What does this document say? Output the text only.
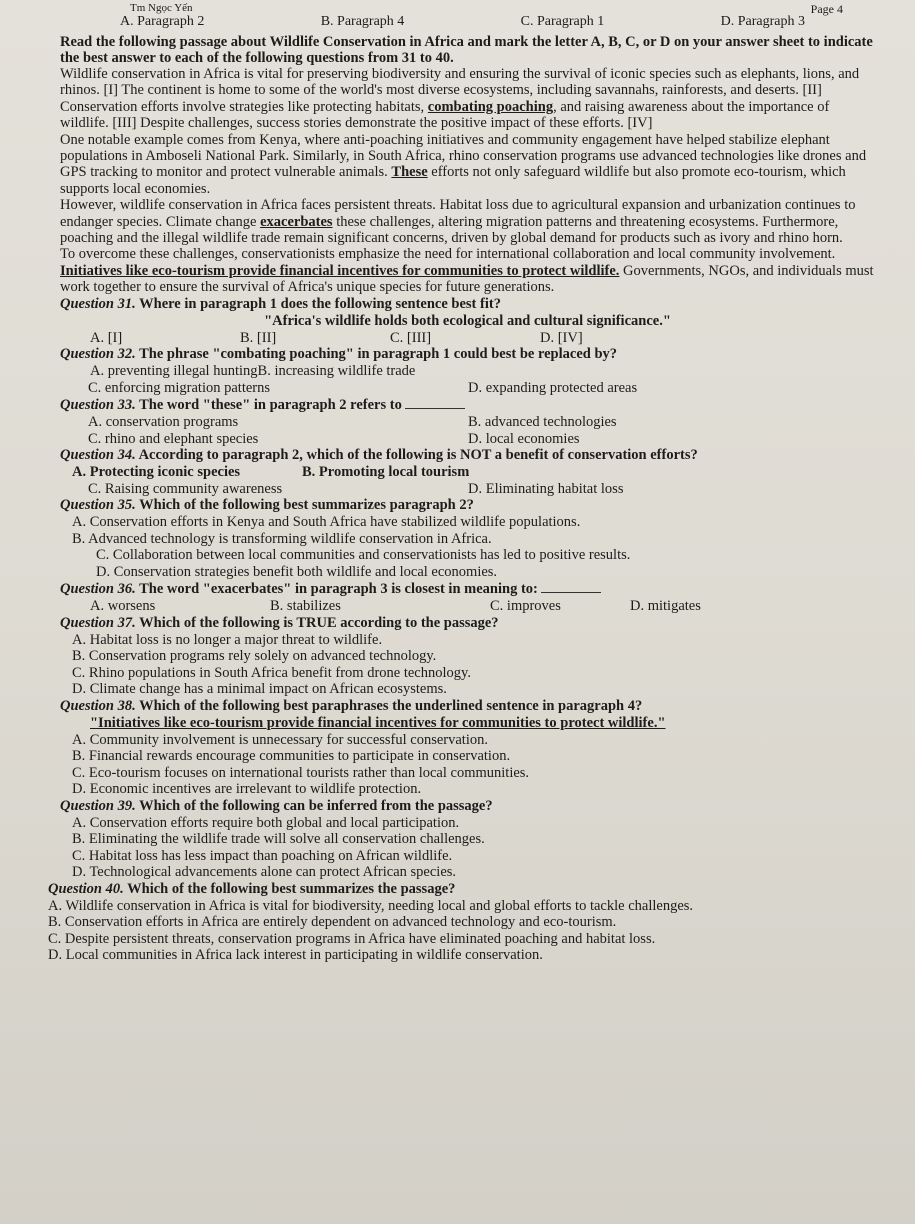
Tm Ngọc Yến	Page 4
A. Paragraph 2	B. Paragraph 4	C. Paragraph 1	D. Paragraph 3

Read the following passage about Wildlife Conservation in Africa and mark the letter A, B, C, or D on your answer sheet to indicate the best answer to each of the following questions from 31 to 40.

Wildlife conservation in Africa is vital for preserving biodiversity and ensuring the survival of iconic species such as elephants, lions, and rhinos. [I] The continent is home to some of the world's most diverse ecosystems, including savannahs, rainforests, and deserts. [II] Conservation efforts involve strategies like protecting habitats, combating poaching, and raising awareness about the importance of wildlife. [III] Despite challenges, success stories demonstrate the positive impact of these efforts. [IV]

One notable example comes from Kenya, where anti-poaching initiatives and community engagement have helped stabilize elephant populations in Amboseli National Park. Similarly, in South Africa, rhino conservation programs use advanced technologies like drones and GPS tracking to monitor and protect vulnerable animals. These efforts not only safeguard wildlife but also promote eco-tourism, which supports local economies.

However, wildlife conservation in Africa faces persistent threats. Habitat loss due to agricultural expansion and urbanization continues to endanger species. Climate change exacerbates these challenges, altering migration patterns and threatening ecosystems. Furthermore, poaching and the illegal wildlife trade remain significant concerns, driven by global demand for products such as ivory and rhino horn.

To overcome these challenges, conservationists emphasize the need for international collaboration and local community involvement. Initiatives like eco-tourism provide financial incentives for communities to protect wildlife. Governments, NGOs, and individuals must work together to ensure the survival of Africa's unique species for future generations.

Question 31. Where in paragraph 1 does the following sentence best fit?

"Africa's wildlife holds both ecological and cultural significance."

A. [I]	B. [II]	C. [III]	D. [IV]

Question 32. The phrase "combating poaching" in paragraph 1 could best be replaced by?

A. preventing illegal huntingB. increasing wildlife trade
C. enforcing migration patterns	D. expanding protected areas

Question 33. The word "these" in paragraph 2 refers to

A. conservation programs	B. advanced technologies
C. rhino and elephant species	D. local economies

Question 34. According to paragraph 2, which of the following is NOT a benefit of conservation efforts?

A. Protecting iconic species	B. Promoting local tourism
C. Raising community awareness	D. Eliminating habitat loss

Question 35. Which of the following best summarizes paragraph 2?

A. Conservation efforts in Kenya and South Africa have stabilized wildlife populations.
B. Advanced technology is transforming wildlife conservation in Africa.
C. Collaboration between local communities and conservationists has led to positive results.
D. Conservation strategies benefit both wildlife and local economies.

Question 36. The word "exacerbates" in paragraph 3 is closest in meaning to:

A. worsens	B. stabilizes	C. improves	D. mitigates

Question 37. Which of the following is TRUE according to the passage?

A. Habitat loss is no longer a major threat to wildlife.
B. Conservation programs rely solely on advanced technology.
C. Rhino populations in South Africa benefit from drone technology.
D. Climate change has a minimal impact on African ecosystems.

Question 38. Which of the following best paraphrases the underlined sentence in paragraph 4?

"Initiatives like eco-tourism provide financial incentives for communities to protect wildlife."

A. Community involvement is unnecessary for successful conservation.
B. Financial rewards encourage communities to participate in conservation.
C. Eco-tourism focuses on international tourists rather than local communities.
D. Economic incentives are irrelevant to wildlife protection.

Question 39. Which of the following can be inferred from the passage?

A. Conservation efforts require both global and local participation.
B. Eliminating the wildlife trade will solve all conservation challenges.
C. Habitat loss has less impact than poaching on African wildlife.
D. Technological advancements alone can protect African species.

Question 40. Which of the following best summarizes the passage?

A. Wildlife conservation in Africa is vital for biodiversity, needing local and global efforts to tackle challenges.
B. Conservation efforts in Africa are entirely dependent on advanced technology and eco-tourism.
C. Despite persistent threats, conservation programs in Africa have eliminated poaching and habitat loss.
D. Local communities in Africa lack interest in participating in wildlife conservation.
